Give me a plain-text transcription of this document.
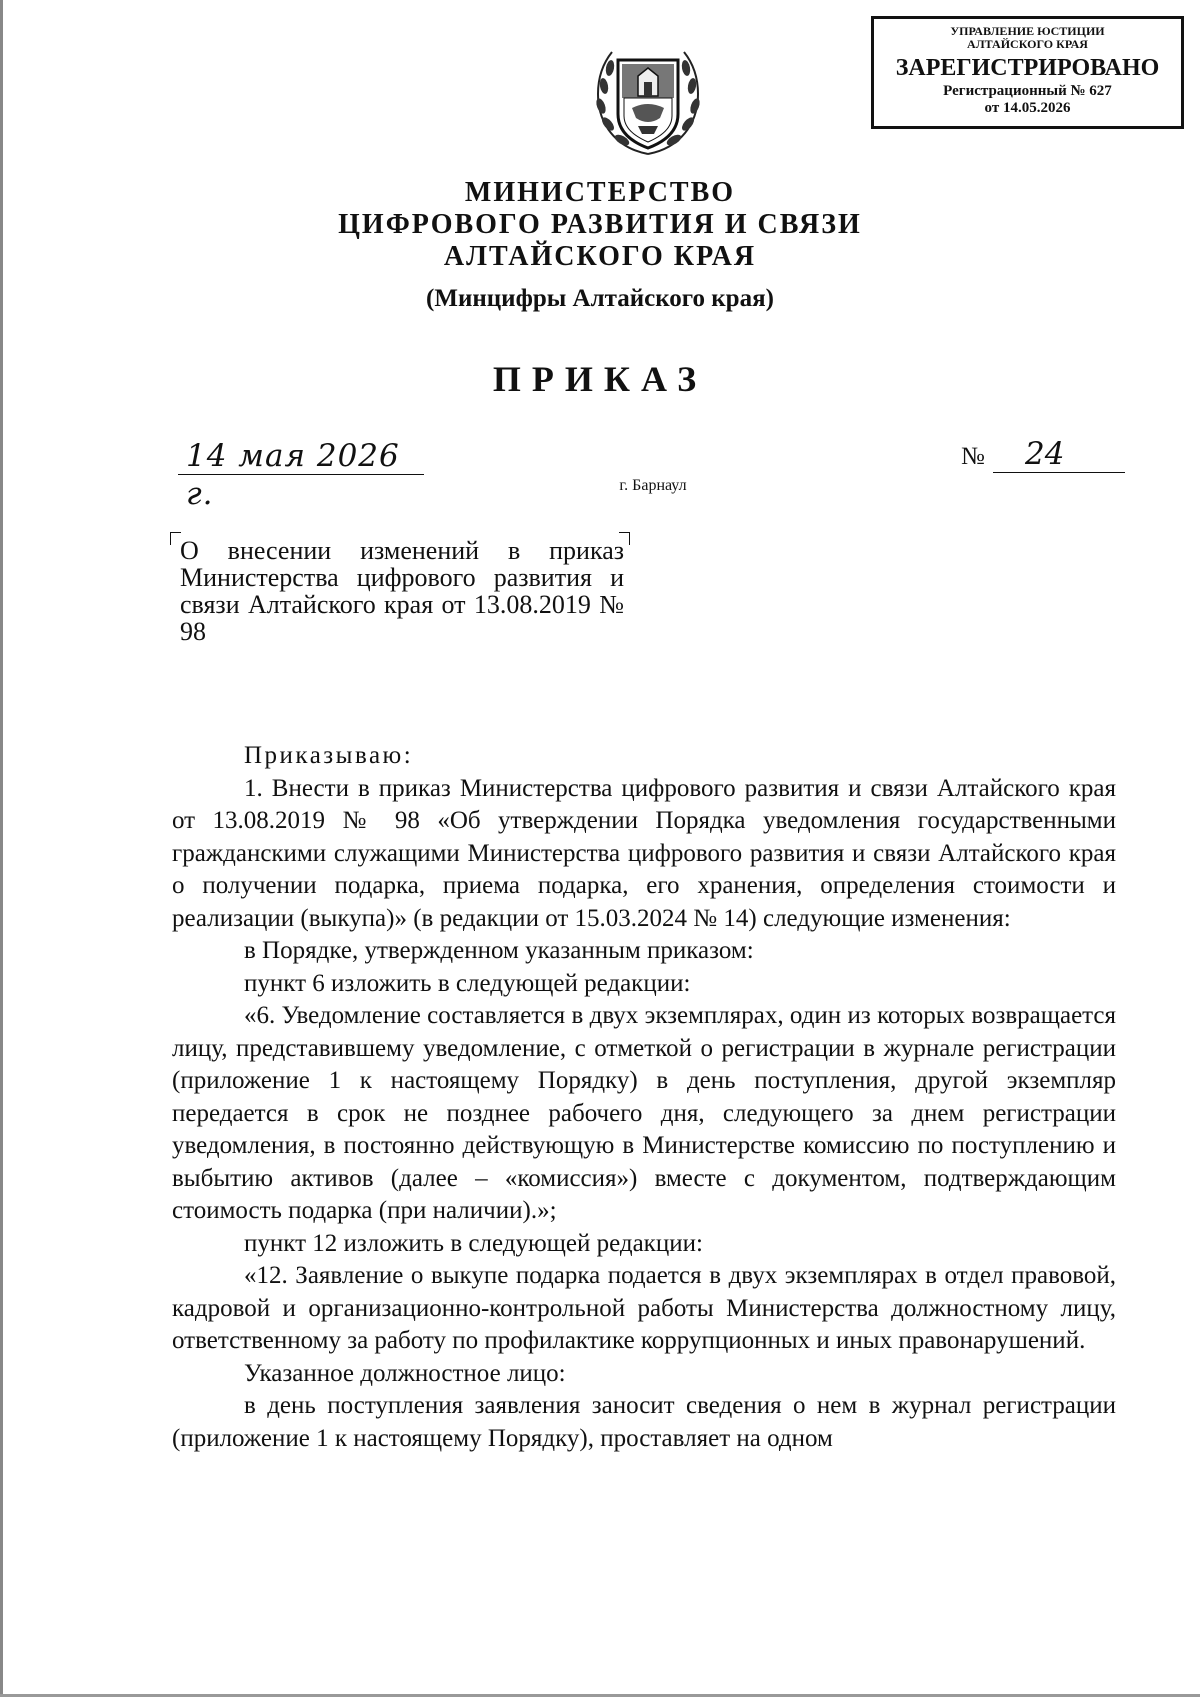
УПРАВЛЕНИЕ ЮСТИЦИИ
АЛТАЙСКОГО КРАЯ
ЗАРЕГИСТРИРОВАНО
Регистрационный № 627
от 14.05.2026
МИНИСТЕРСТВО
ЦИФРОВОГО РАЗВИТИЯ И СВЯЗИ
АЛТАЙСКОГО КРАЯ
(Минцифры Алтайского края)
ПРИКАЗ
14 мая 2026 г.
№	24
г. Барнаул
О внесении изменений в приказ Министерства цифрового развития и связи Алтайского края от 13.08.2019 № 98

Приказываю:

1. Внести в приказ Министерства цифрового развития и связи Алтайского края от 13.08.2019 № 98 «Об утверждении Порядка уведомления государственными гражданскими служащими Министерства цифрового развития и связи Алтайского края о получении подарка, приема подарка, его хранения, определения стоимости и реализации (выкупа)» (в редакции от 15.03.2024 № 14) следующие изменения:

в Порядке, утвержденном указанным приказом:

пункт 6 изложить в следующей редакции:

«6. Уведомление составляется в двух экземплярах, один из которых возвращается лицу, представившему уведомление, с отметкой о регистрации в журнале регистрации (приложение 1 к настоящему Порядку) в день поступления, другой экземпляр передается в срок не позднее рабочего дня, следующего за днем регистрации уведомления, в постоянно действующую в Министерстве комиссию по поступлению и выбытию активов (далее – «комиссия») вместе с документом, подтверждающим стоимость подарка (при наличии).»;

пункт 12 изложить в следующей редакции:

«12. Заявление о выкупе подарка подается в двух экземплярах в отдел правовой, кадровой и организационно-контрольной работы Министерства должностному лицу, ответственному за работу по профилактике коррупционных и иных правонарушений.

Указанное должностное лицо:

в день поступления заявления заносит сведения о нем в журнал регистрации (приложение 1 к настоящему Порядку), проставляет на одном
